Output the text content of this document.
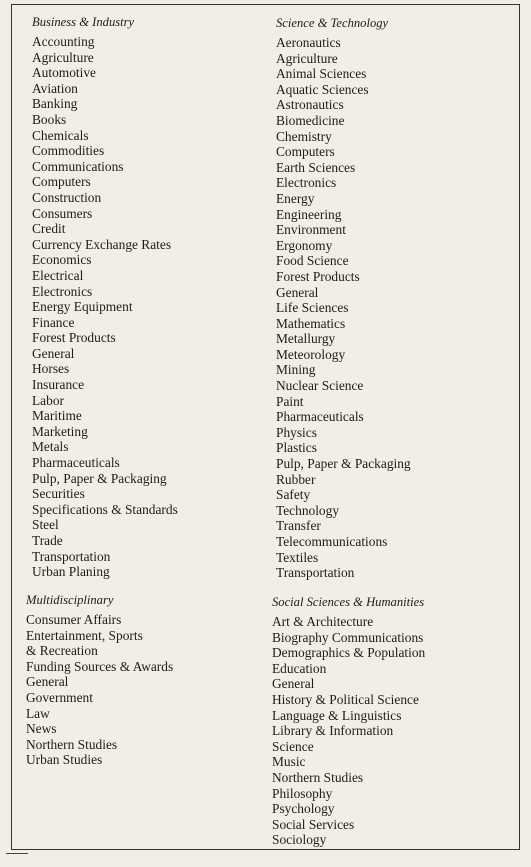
Business & Industry
Accounting
Agriculture
Automotive
Aviation
Banking
Books
Chemicals
Commodities
Communications
Computers
Construction
Consumers
Credit
Currency Exchange Rates
Economics
Electrical
Electronics
Energy Equipment
Finance
Forest Products
General
Horses
Insurance
Labor
Maritime
Marketing
Metals
Pharmaceuticals
Pulp, Paper & Packaging
Securities
Specifications & Standards
Steel
Trade
Transportation
Urban Planing
Science & Technology
Aeronautics
Agriculture
Animal Sciences
Aquatic Sciences
Astronautics
Biomedicine
Chemistry
Computers
Earth Sciences
Electronics
Energy
Engineering
Environment
Ergonomy
Food Science
Forest Products
General
Life Sciences
Mathematics
Metallurgy
Meteorology
Mining
Nuclear Science
Paint
Pharmaceuticals
Physics
Plastics
Pulp, Paper & Packaging
Rubber
Safety
Technology
Transfer
Telecommunications
Textiles
Transportation
Multidisciplinary
Consumer Affairs
Entertainment, Sports
& Recreation
Funding Sources & Awards
General
Government
Law
News
Northern Studies
Urban Studies
Social Sciences & Humanities
Art & Architecture
Biography Communications
Demographics & Population
Education
General
History & Political Science
Language & Linguistics
Library & Information
Science
Music
Northern Studies
Philosophy
Psychology
Social Services
Sociology
